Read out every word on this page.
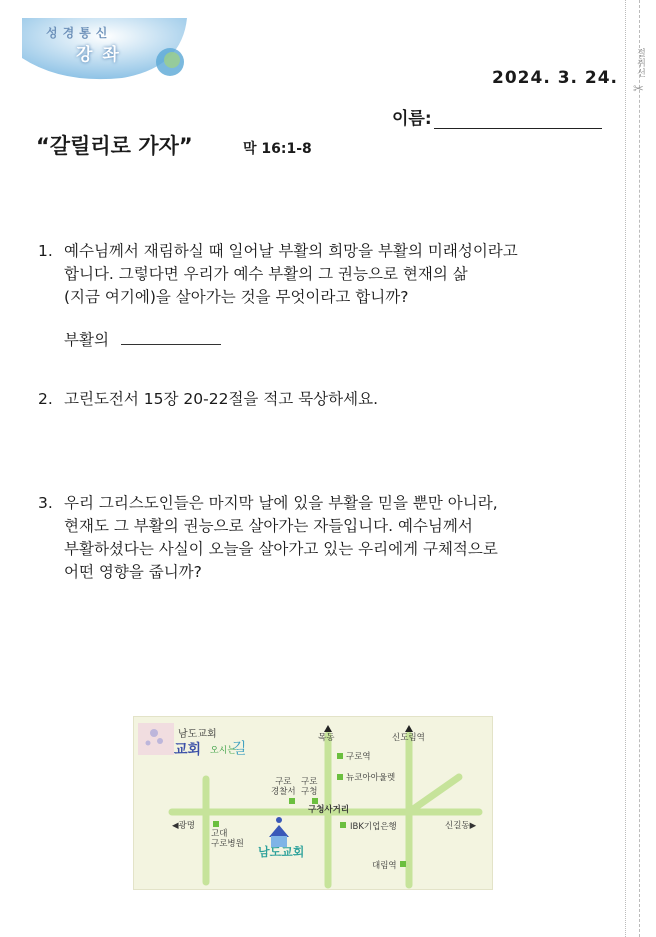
절취선
✂
성경통신
강좌
2024. 3. 24.
이름:
“갈릴리로 가자”	막 16:1-8
1. 예수님께서 재림하실 때 일어날 부활의 희망을 부활의 미래성이라고
합니다. 그렇다면 우리가 예수 부활의 그 권능으로 현재의 삶
(지금 여기에)을 살아가는 것을 무엇이라고 합니까?
부활의
2. 고린도전서 15장 20-22절을 적고 묵상하세요.
3. 우리 그리스도인들은 마지막 날에 있을 부활을 믿을 뿐만 아니라,
현재도 그 부활의 권능으로 살아가는 자들입니다. 예수님께서
부활하셨다는 사실이 오늘을 살아가고 있는 우리에게 구체적으로
어떤 영향을 줍니까?
남도교회
교회 오시는
길
목동	신도림역
구로역
뉴코아아울렛
구로
경찰서
구로
구청
구청사거리
◀광명	신길동▶
고대
구로병원
IBK기업은행
대림역
남도교회
